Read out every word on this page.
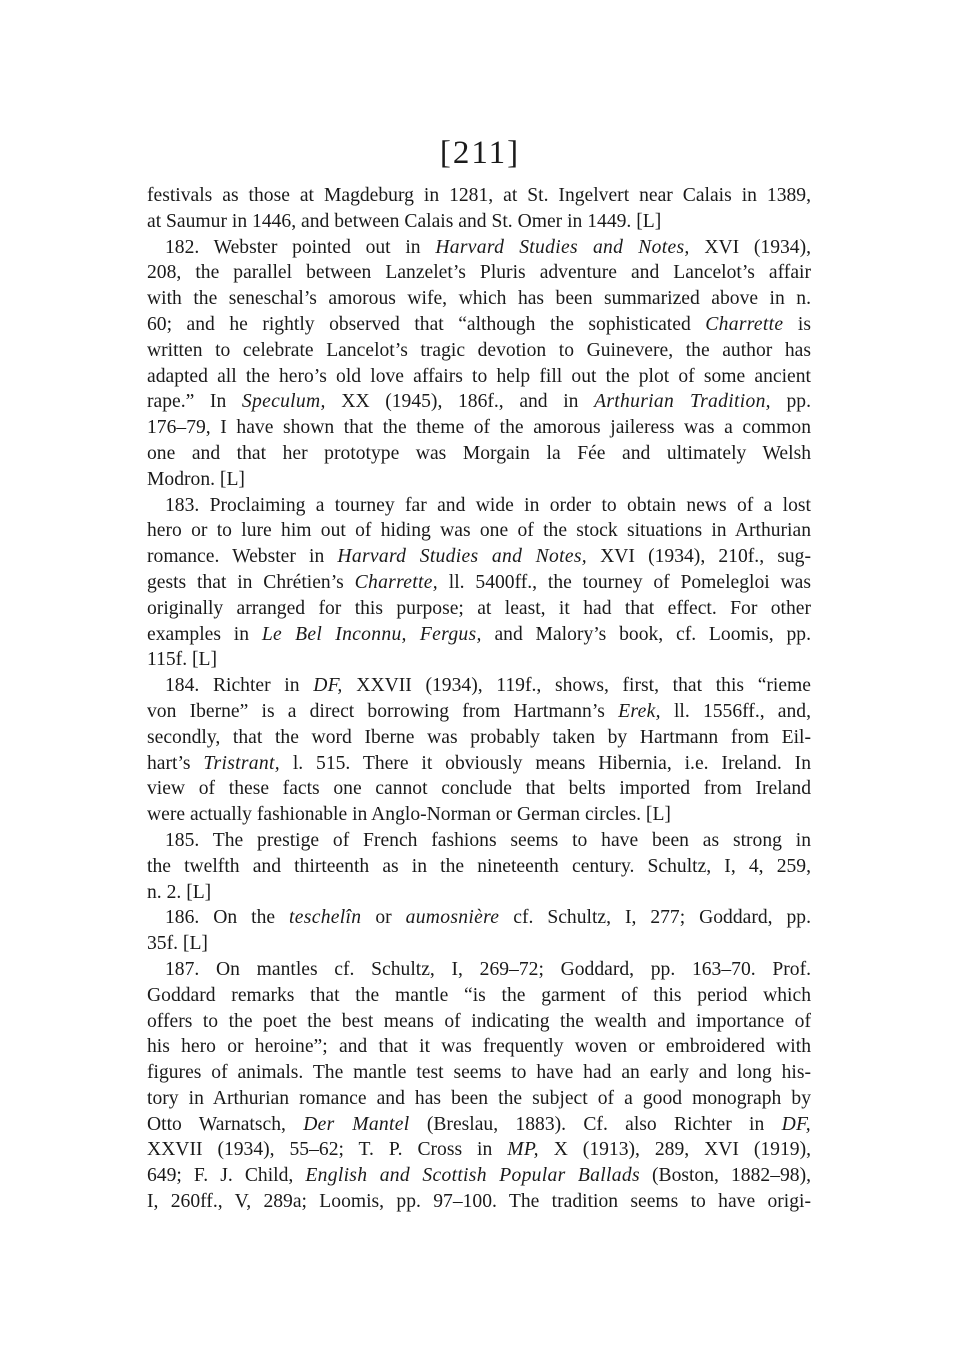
[211]
festivals as those at Magdeburg in 1281, at St. Ingelvert near Calais in 1389,
at Saumur in 1446, and between Calais and St. Omer in 1449. [L]
182. Webster pointed out in Harvard Studies and Notes, XVI (1934),
208, the parallel between Lanzelet’s Pluris adventure and Lancelot’s affair
with the seneschal’s amorous wife, which has been summarized above in n.
60; and he rightly observed that “although the sophisticated Charrette is
written to celebrate Lancelot’s tragic devotion to Guinevere, the author has
adapted all the hero’s old love affairs to help fill out the plot of some ancient
rape.” In Speculum, XX (1945), 186f., and in Arthurian Tradition, pp.
176–79, I have shown that the theme of the amorous jaileress was a common
one and that her prototype was Morgain la Fée and ultimately Welsh
Modron. [L]
183. Proclaiming a tourney far and wide in order to obtain news of a lost
hero or to lure him out of hiding was one of the stock situations in Arthurian
romance. Webster in Harvard Studies and Notes, XVI (1934), 210f., sug-
gests that in Chrétien’s Charrette, ll. 5400ff., the tourney of Pomelegloi was
originally arranged for this purpose; at least, it had that effect. For other
examples in Le Bel Inconnu, Fergus, and Malory’s book, cf. Loomis, pp.
115f. [L]
184. Richter in DF, XXVII (1934), 119f., shows, first, that this “rieme
von Iberne” is a direct borrowing from Hartmann’s Erek, ll. 1556ff., and,
secondly, that the word Iberne was probably taken by Hartmann from Eil-
hart’s Tristrant, l. 515. There it obviously means Hibernia, i.e. Ireland. In
view of these facts one cannot conclude that belts imported from Ireland
were actually fashionable in Anglo-Norman or German circles. [L]
185. The prestige of French fashions seems to have been as strong in
the twelfth and thirteenth as in the nineteenth century. Schultz, I, 4, 259,
n. 2. [L]
186. On the teschelîn or aumosnière cf. Schultz, I, 277; Goddard, pp.
35f. [L]
187. On mantles cf. Schultz, I, 269–72; Goddard, pp. 163–70. Prof.
Goddard remarks that the mantle “is the garment of this period which
offers to the poet the best means of indicating the wealth and importance of
his hero or heroine”; and that it was frequently woven or embroidered with
figures of animals. The mantle test seems to have had an early and long his-
tory in Arthurian romance and has been the subject of a good monograph by
Otto Warnatsch, Der Mantel (Breslau, 1883). Cf. also Richter in DF,
XXVII (1934), 55–62; T. P. Cross in MP, X (1913), 289, XVI (1919),
649; F. J. Child, English and Scottish Popular Ballads (Boston, 1882–98),
I, 260ff., V, 289a; Loomis, pp. 97–100. The tradition seems to have origi-
